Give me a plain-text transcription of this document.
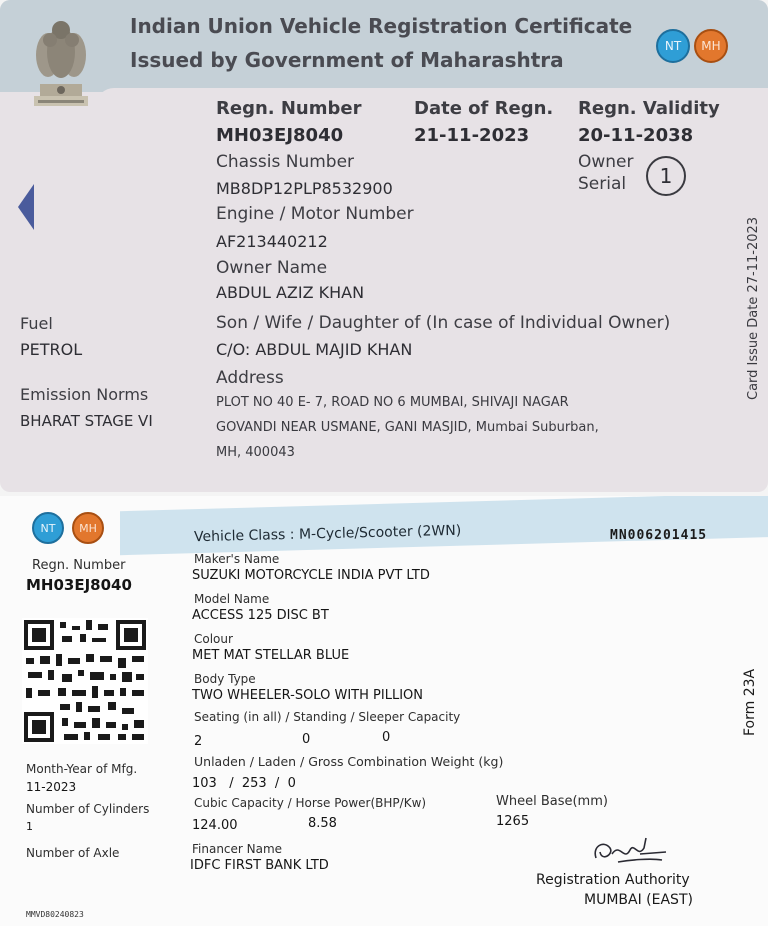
Indian Union Vehicle Registration Certificate
Issued by Government of Maharashtra
NT	MH
Regn. Number
MH03EJ8040
Date of Regn.
21-11-2023
Regn. Validity
20-11-2038
Chassis Number
MB8DP12PLP8532900
Owner
Serial	1
Engine / Motor Number
AF213440212
Owner Name
ABDUL AZIZ KHAN
Fuel
PETROL
Son / Wife / Daughter of (In case of Individual Owner)
C/O: ABDUL MAJID KHAN
Address
PLOT NO 40 E- 7, ROAD NO 6 MUMBAI, SHIVAJI NAGAR
GOVANDI NEAR USMANE, GANI MASJID, Mumbai Suburban,
MH, 400043
Emission Norms
BHARAT STAGE VI
Card Issue Date 27-11-2023
NT	MH	Vehicle Class : M-Cycle/Scooter (2WN)	MN006201415
Regn. Number
MH03EJ8040
Maker's Name
SUZUKI MOTORCYCLE INDIA PVT LTD
Model Name
ACCESS 125 DISC BT
Colour
MET MAT STELLAR BLUE
Body Type
TWO WHEELER-SOLO WITH PILLION
Seating (in all) / Standing / Sleeper Capacity
2	0	0
Form 23A
Month-Year of Mfg.
11-2023
Unladen / Laden / Gross Combination Weight (kg)
103   /  253  /  0
Number of Cylinders
1
Cubic Capacity / Horse Power(BHP/Kw)
124.00	8.58
Wheel Base(mm)
1265
Number of Axle	Financer Name
IDFC FIRST BANK LTD
Registration Authority
MUMBAI (EAST)
MMVD80240823
